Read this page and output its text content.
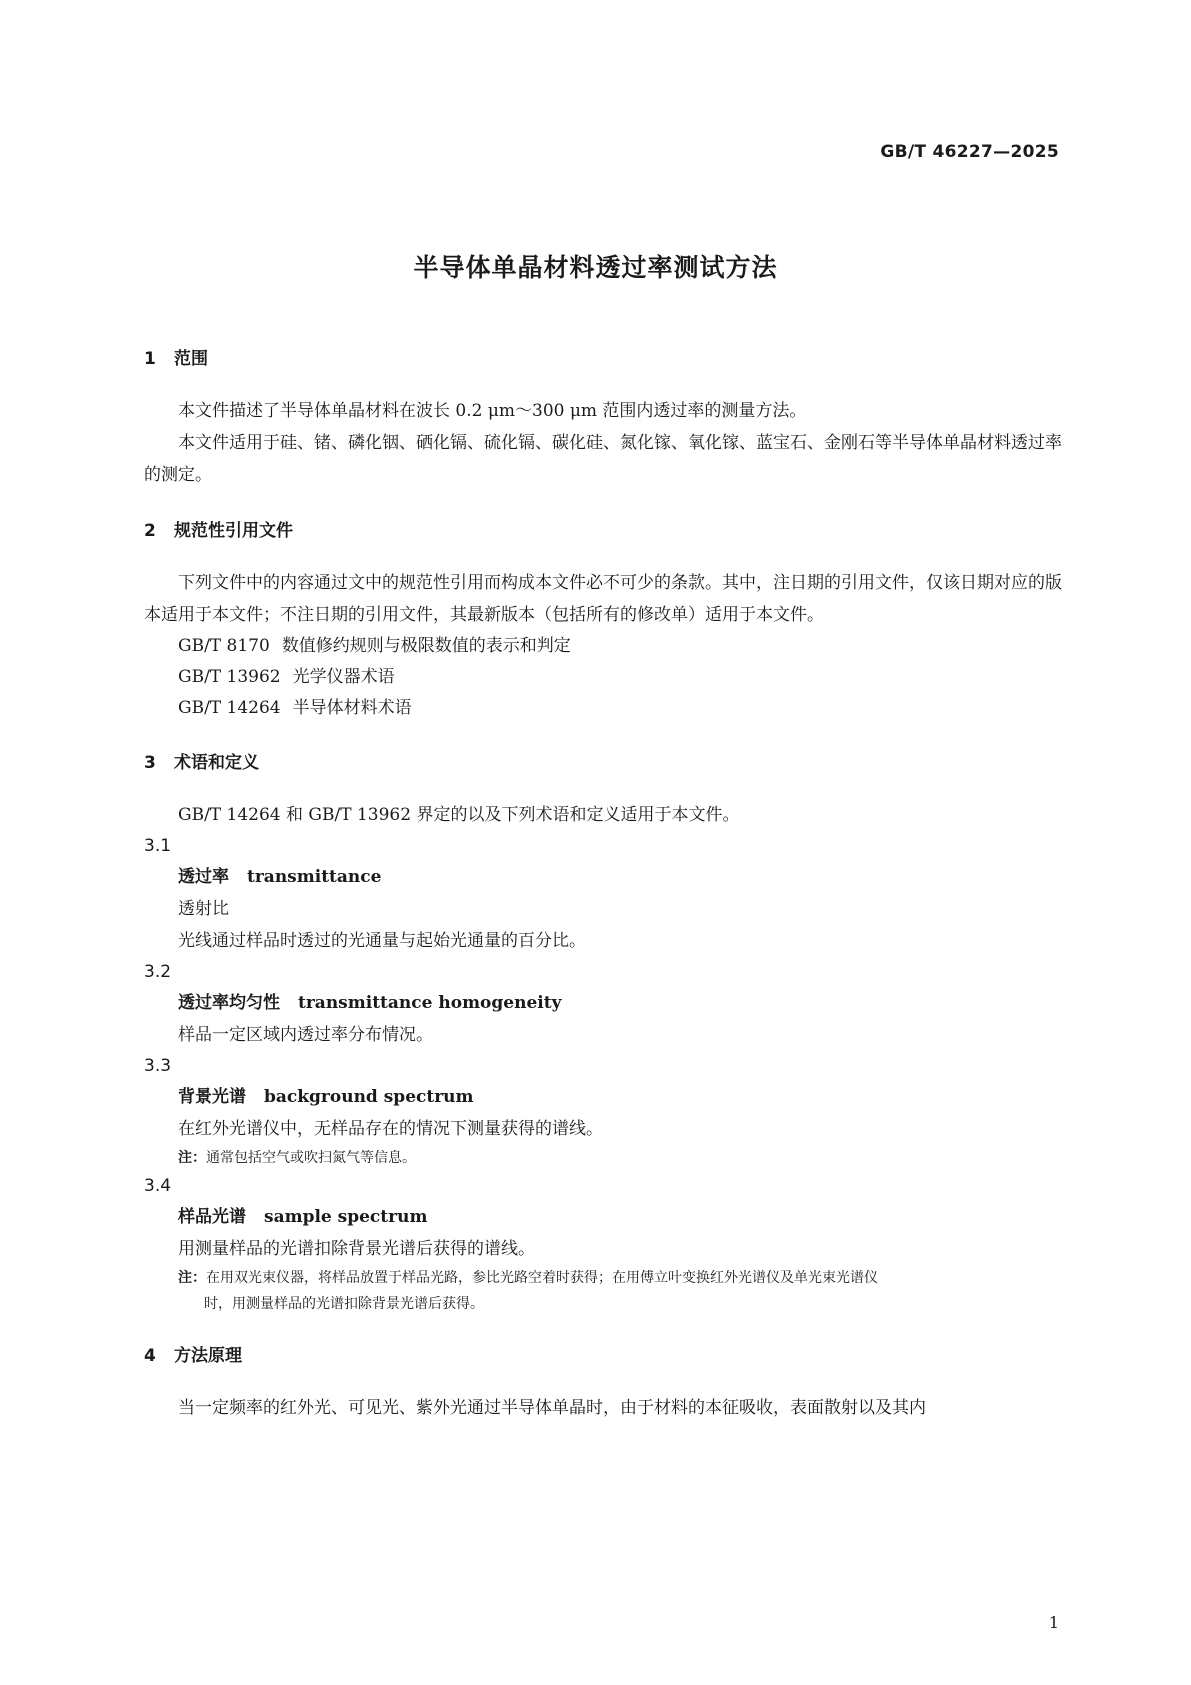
GB/T 46227—2025
半导体单晶材料透过率测试方法
1 范围

本文件描述了半导体单晶材料在波长 0.2 μm～300 μm 范围内透过率的测量方法。

本文件适用于硅、锗、磷化铟、硒化镉、硫化镉、碳化硅、氮化镓、氧化镓、蓝宝石、金刚石等半导体单晶材料透过率的测定。

2 规范性引用文件

下列文件中的内容通过文中的规范性引用而构成本文件必不可少的条款。其中，注日期的引用文件，仅该日期对应的版本适用于本文件；不注日期的引用文件，其最新版本（包括所有的修改单）适用于本文件。

GB/T 8170 数值修约规则与极限数值的表示和判定
GB/T 13962 光学仪器术语
GB/T 14264 半导体材料术语
3 术语和定义

GB/T 14264 和 GB/T 13962 界定的以及下列术语和定义适用于本文件。

3.1
透过率 transmittance
透射比
光线通过样品时透过的光通量与起始光通量的百分比。
3.2
透过率均匀性 transmittance homogeneity
样品一定区域内透过率分布情况。
3.3
背景光谱 background spectrum
在红外光谱仪中，无样品存在的情况下测量获得的谱线。
注：通常包括空气或吹扫氮气等信息。
3.4
样品光谱 sample spectrum
用测量样品的光谱扣除背景光谱后获得的谱线。
注：在用双光束仪器，将样品放置于样品光路，参比光路空着时获得；在用傅立叶变换红外光谱仪及单光束光谱仪
时，用测量样品的光谱扣除背景光谱后获得。
4 方法原理

当一定频率的红外光、可见光、紫外光通过半导体单晶时，由于材料的本征吸收，表面散射以及其内

1
